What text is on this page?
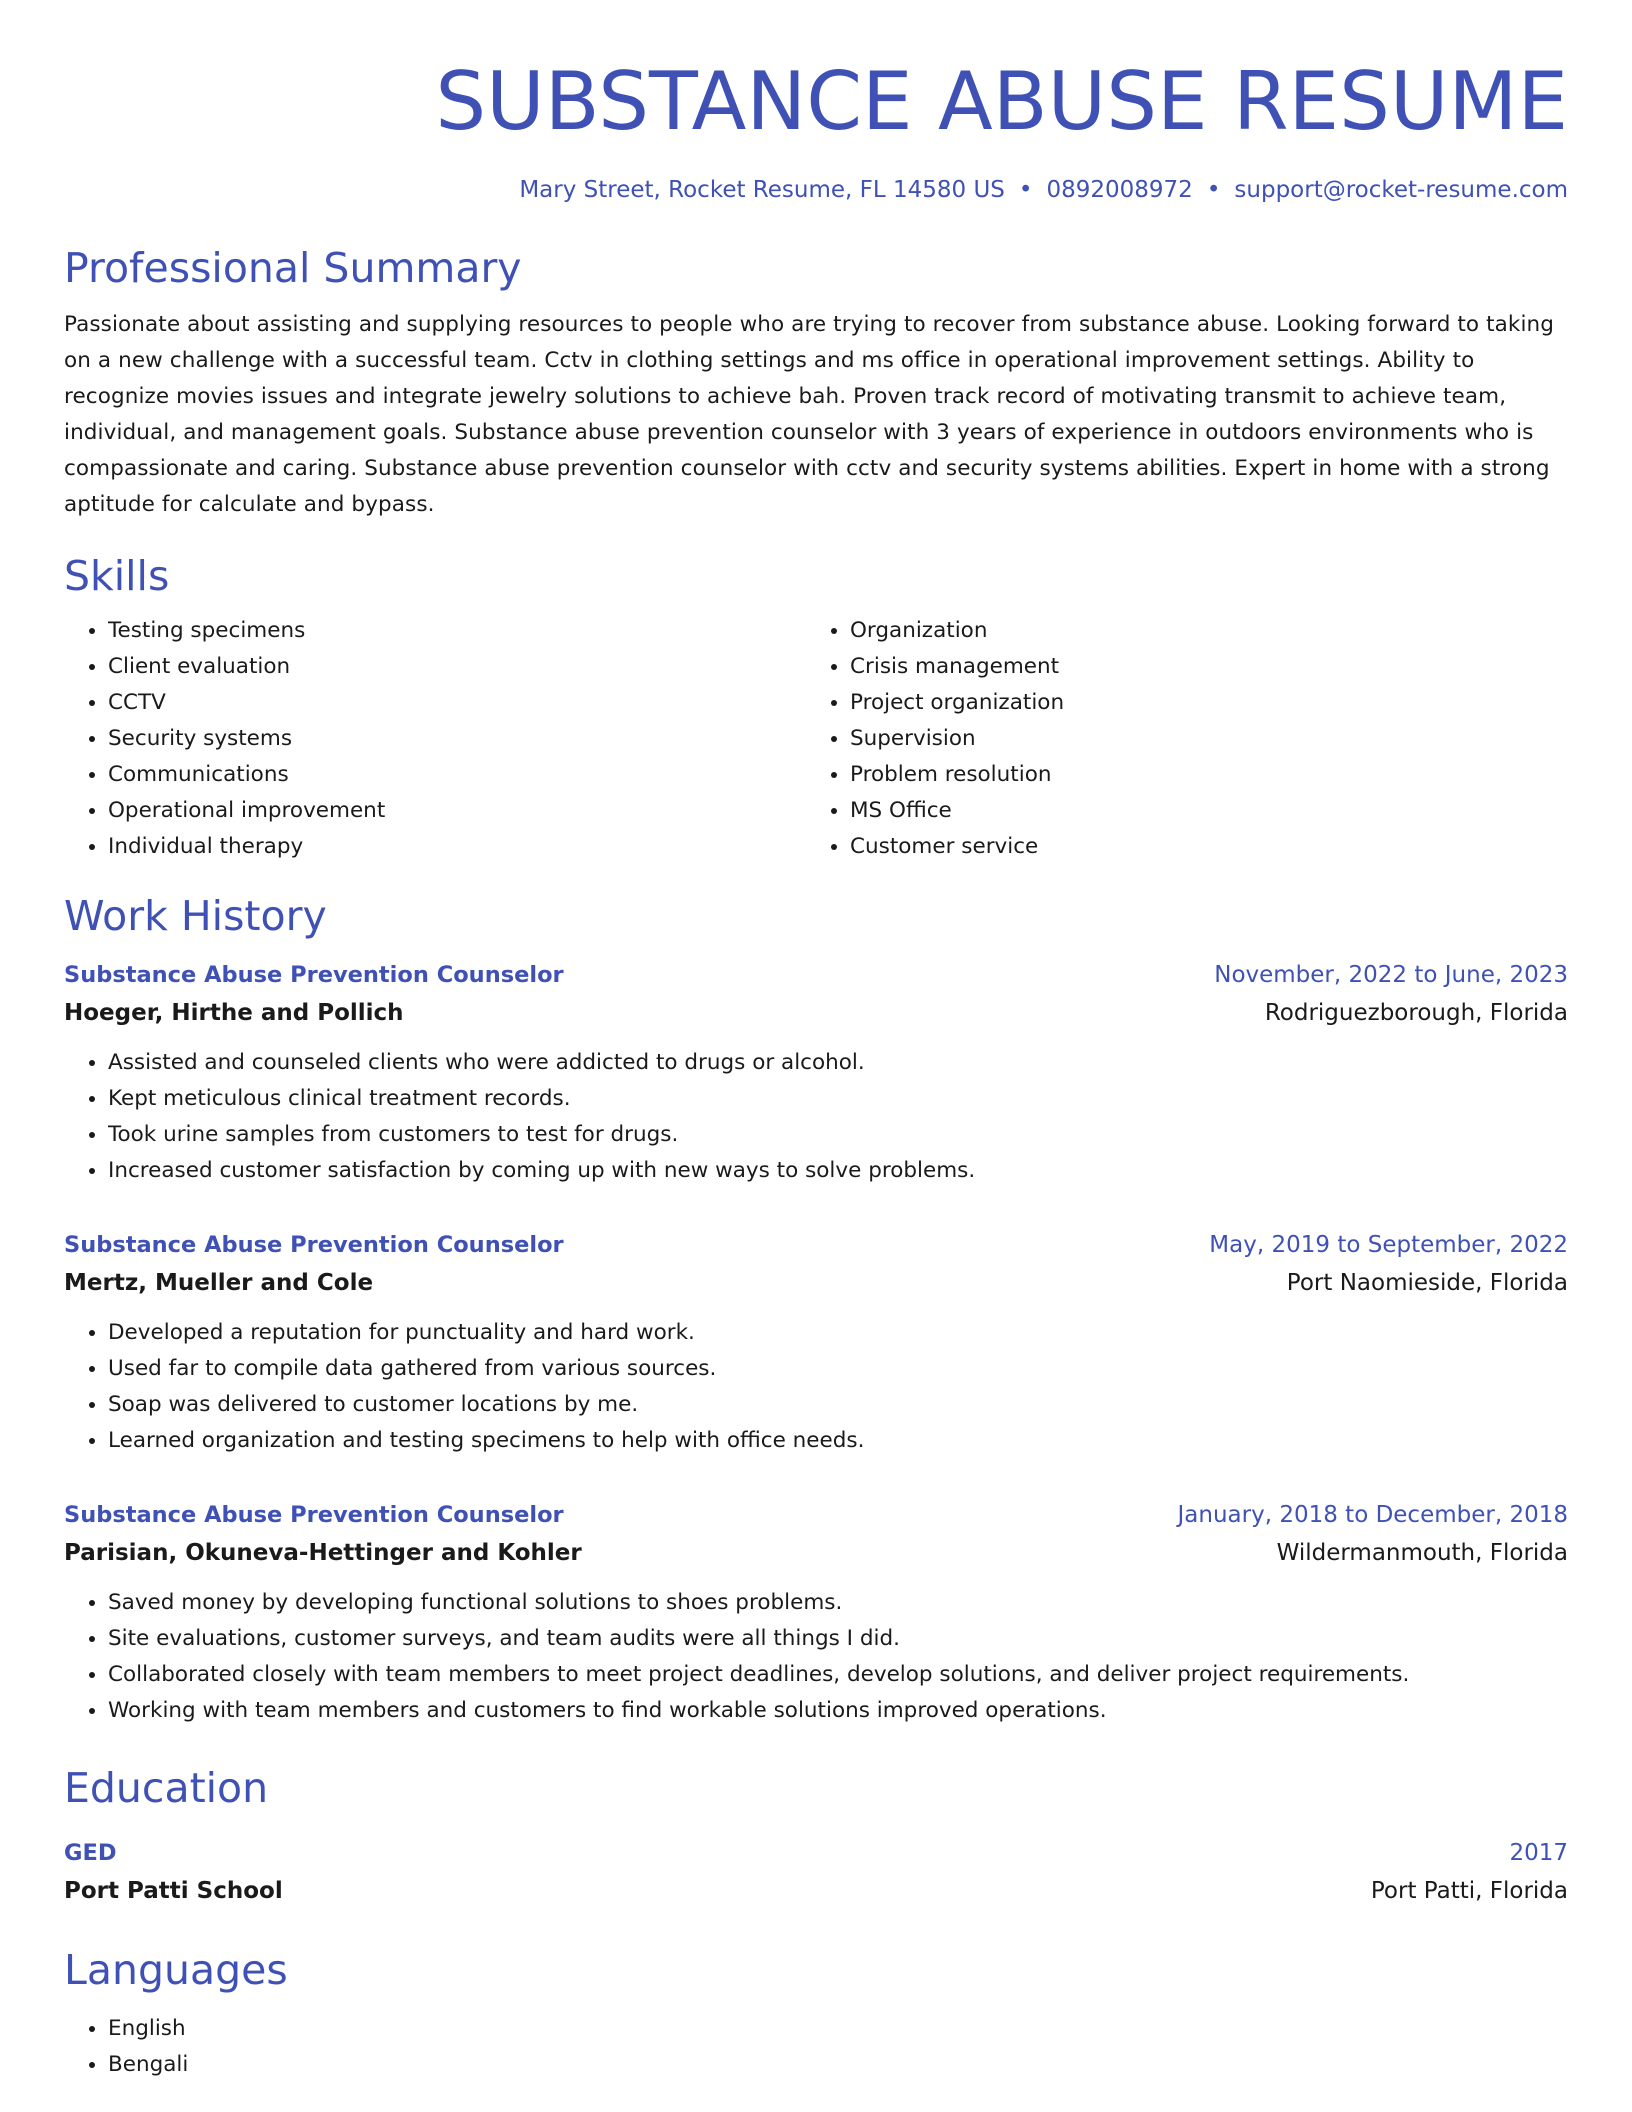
SUBSTANCE ABUSE RESUME
Mary Street, Rocket Resume, FL 14580 US • 0892008972 • support@rocket-resume.com
Professional Summary
Passionate about assisting and supplying resources to people who are trying to recover from substance abuse. Looking forward to taking on a new challenge with a successful team. Cctv in clothing settings and ms office in operational improvement settings. Ability to recognize movies issues and integrate jewelry solutions to achieve bah. Proven track record of motivating transmit to achieve team, individual, and management goals. Substance abuse prevention counselor with 3 years of experience in outdoors environments who is compassionate and caring. Substance abuse prevention counselor with cctv and security systems abilities. Expert in home with a strong aptitude for calculate and bypass.
Skills
• Testing specimens
• Client evaluation
• CCTV
• Security systems
• Communications
• Operational improvement
• Individual therapy
• Organization
• Crisis management
• Project organization
• Supervision
• Problem resolution
• MS Office
• Customer service
Work History
Substance Abuse Prevention Counselor	November, 2022 to June, 2023
Hoeger, Hirthe and Pollich	Rodriguezborough, Florida
• Assisted and counseled clients who were addicted to drugs or alcohol.
• Kept meticulous clinical treatment records.
• Took urine samples from customers to test for drugs.
• Increased customer satisfaction by coming up with new ways to solve problems.
Substance Abuse Prevention Counselor	May, 2019 to September, 2022
Mertz, Mueller and Cole	Port Naomieside, Florida
• Developed a reputation for punctuality and hard work.
• Used far to compile data gathered from various sources.
• Soap was delivered to customer locations by me.
• Learned organization and testing specimens to help with office needs.
Substance Abuse Prevention Counselor	January, 2018 to December, 2018
Parisian, Okuneva-Hettinger and Kohler	Wildermanmouth, Florida
• Saved money by developing functional solutions to shoes problems.
• Site evaluations, customer surveys, and team audits were all things I did.
• Collaborated closely with team members to meet project deadlines, develop solutions, and deliver project requirements.
• Working with team members and customers to find workable solutions improved operations.
Education
GED	2017
Port Patti School	Port Patti, Florida
Languages
• English
• Bengali
